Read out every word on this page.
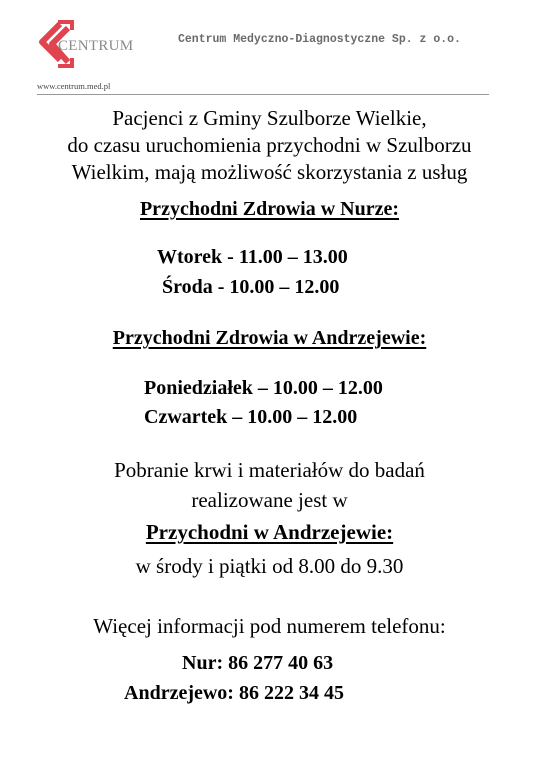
CENTRUM	Centrum Medyczno-Diagnostyczne Sp. z o.o.
www.centrum.med.pl
Pacjenci z Gminy Szulborze Wielkie,
do czasu uruchomienia przychodni w Szulborzu
Wielkim, mają możliwość skorzystania z usług
Przychodni Zdrowia w Nurze:
Wtorek - 11.00 – 13.00
Środa - 10.00 – 12.00
Przychodni Zdrowia w Andrzejewie:
Poniedziałek – 10.00 – 12.00
Czwartek – 10.00 – 12.00
Pobranie krwi i materiałów do badań
realizowane jest w
Przychodni w Andrzejewie:
w środy i piątki od 8.00 do 9.30
Więcej informacji pod numerem telefonu:
Nur: 86 277 40 63
Andrzejewo: 86 222 34 45
